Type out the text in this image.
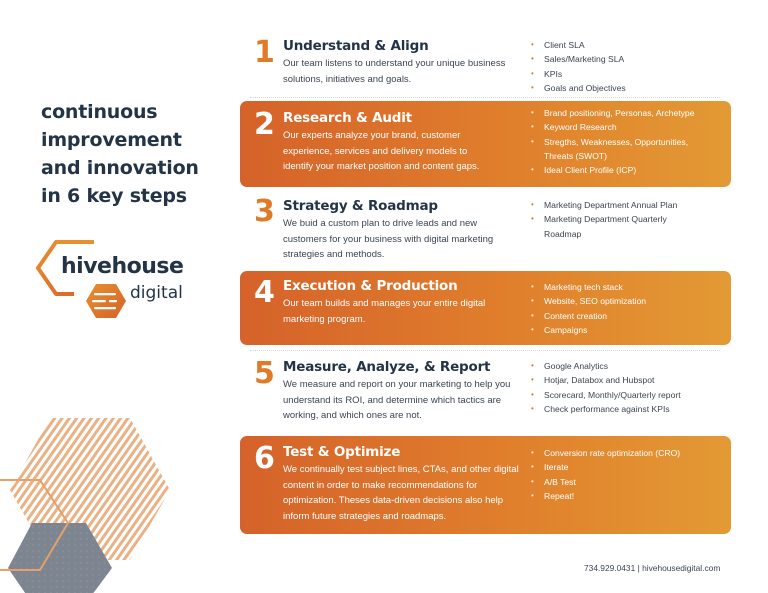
continuous
improvement
and innovation
in 6 key steps
hivehouse
digital
1 Understand & Align
Our team listens to understand your unique business solutions, initiatives and goals.
• Client SLA
• Sales/Marketing SLA
• KPIs
• Goals and Objectives
2 Research & Audit
Our experts analyze your brand, customer experience, services and delivery models to identify your market position and content gaps.
• Brand positioning, Personas, Archetype
• Keyword Research
• Stregths, Weaknesses, Opportunities, Threats (SWOT)
• Ideal Client Profile (ICP)
3 Strategy & Roadmap
We buid a custom plan to drive leads and new customers for your business with digital marketing strategies and methods.
• Marketing Department Annual Plan
• Marketing Department Quarterly Roadmap
4 Execution & Production
Our team builds and manages your entire digital marketing program.
• Marketing tech stack
• Website, SEO optimization
• Content creation
• Campaigns
5 Measure, Analyze, & Report
We measure and report on your marketing to help you understand its ROI, and determine which tactics are working, and which ones are not.
• Google Analytics
• Hotjar, Databox and Hubspot
• Scorecard, Monthly/Quarterly report
• Check performance against KPIs
6 Test & Optimize
We continually test subject lines, CTAs, and other digital content in order to make recommendations for optimization. Theses data-driven decisions also help inform future strategies and roadmaps.
• Conversion rate optimization (CRO)
• Iterate
• A/B Test
• Repeat!
734.929.0431 | hivehousedigital.com
